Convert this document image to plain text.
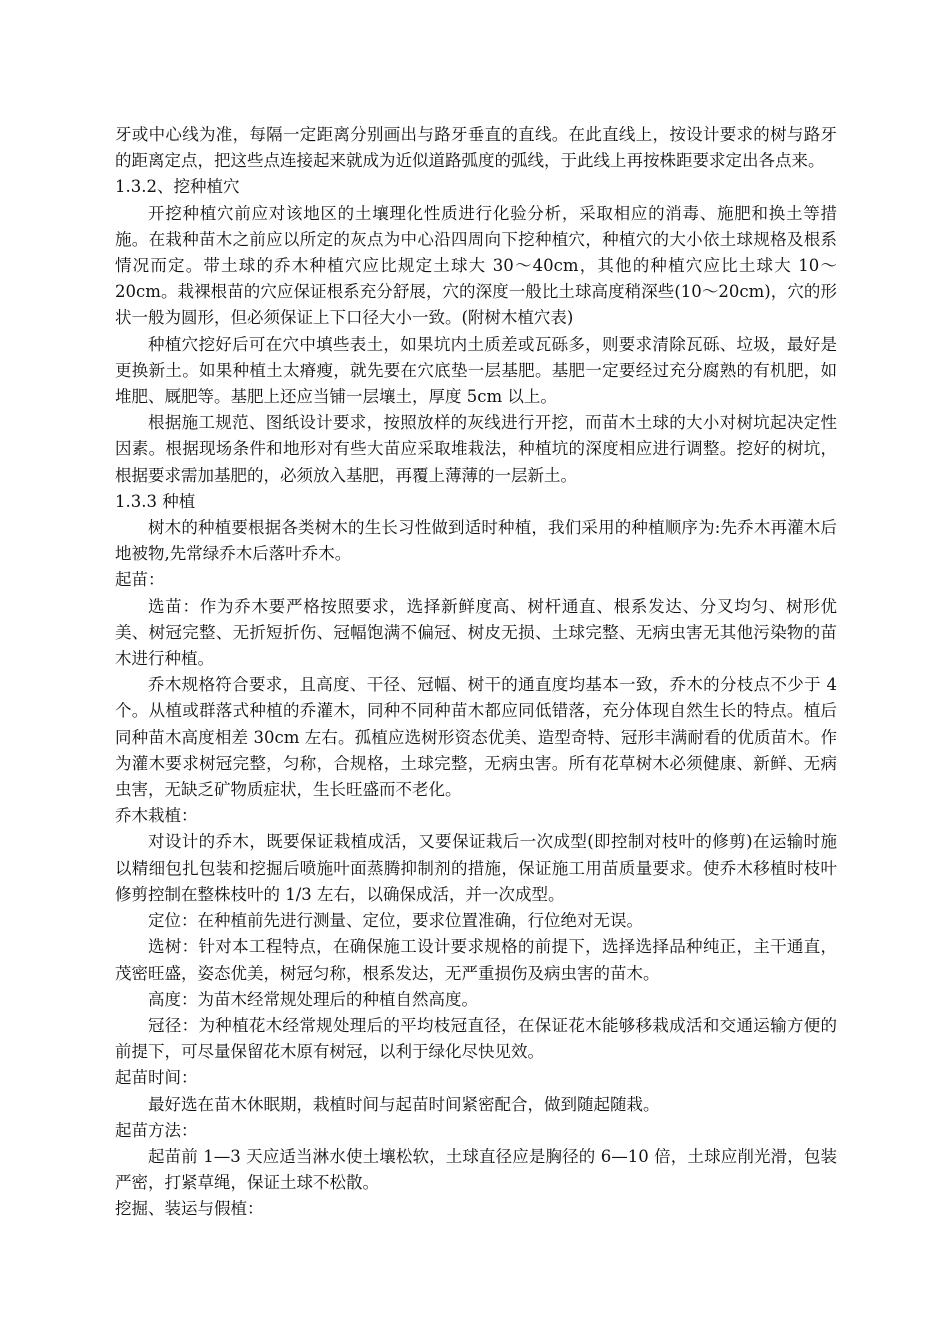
牙或中心线为准，每隔一定距离分别画出与路牙垂直的直线。在此直线上，按设计要求的树与路牙的距离定点，把这些点连接起来就成为近似道路弧度的弧线，于此线上再按株距要求定出各点来。

1.3.2、挖种植穴

开挖种植穴前应对该地区的土壤理化性质进行化验分析，采取相应的消毒、施肥和换土等措施。在栽种苗木之前应以所定的灰点为中心沿四周向下挖种植穴，种植穴的大小依土球规格及根系情况而定。带土球的乔木种植穴应比规定土球大 30～40cm，其他的种植穴应比土球大 10～20cm。栽裸根苗的穴应保证根系充分舒展，穴的深度一般比土球高度稍深些(10～20cm)，穴的形状一般为圆形，但必须保证上下口径大小一致。(附树木植穴表)

种植穴挖好后可在穴中填些表土，如果坑内土质差或瓦砾多，则要求清除瓦砾、垃圾，最好是更换新土。如果种植土太瘠瘦，就先要在穴底垫一层基肥。基肥一定要经过充分腐熟的有机肥，如堆肥、厩肥等。基肥上还应当铺一层壤土，厚度 5cm 以上。

根据施工规范、图纸设计要求，按照放样的灰线进行开挖，而苗木土球的大小对树坑起决定性因素。根据现场条件和地形对有些大苗应采取堆栽法，种植坑的深度相应进行调整。挖好的树坑，根据要求需加基肥的，必须放入基肥，再覆上薄薄的一层新土。

1.3.3 种植

树木的种植要根据各类树木的生长习性做到适时种植，我们采用的种植顺序为:先乔木再灌木后地被物,先常绿乔木后落叶乔木。

起苗：

选苗：作为乔木要严格按照要求，选择新鲜度高、树杆通直、根系发达、分叉均匀、树形优美、树冠完整、无折短折伤、冠幅饱满不偏冠、树皮无损、土球完整、无病虫害无其他污染物的苗木进行种植。

乔木规格符合要求，且高度、干径、冠幅、树干的通直度均基本一致，乔木的分枝点不少于 4 个。从植或群落式种植的乔灌木，同种不同种苗木都应同低错落，充分体现自然生长的特点。植后同种苗木高度相差 30cm 左右。孤植应选树形资态优美、造型奇特、冠形丰满耐看的优质苗木。作为灌木要求树冠完整，匀称，合规格，土球完整，无病虫害。所有花草树木必须健康、新鲜、无病虫害，无缺乏矿物质症状，生长旺盛而不老化。

乔木栽植：

对设计的乔木，既要保证栽植成活，又要保证栽后一次成型(即控制对枝叶的修剪)在运输时施以精细包扎包装和挖掘后喷施叶面蒸腾抑制剂的措施，保证施工用苗质量要求。使乔木移植时枝叶修剪控制在整株枝叶的 1/3 左右，以确保成活，并一次成型。

定位：在种植前先进行测量、定位，要求位置准确，行位绝对无误。

选树：针对本工程特点，在确保施工设计要求规格的前提下，选择选择品种纯正，主干通直，茂密旺盛，姿态优美，树冠匀称，根系发达，无严重损伤及病虫害的苗木。

高度：为苗木经常规处理后的种植自然高度。

冠径：为种植花木经常规处理后的平均枝冠直径，在保证花木能够移栽成活和交通运输方便的前提下，可尽量保留花木原有树冠，以利于绿化尽快见效。

起苗时间：

最好选在苗木休眠期，栽植时间与起苗时间紧密配合，做到随起随栽。

起苗方法：

起苗前 1—3 天应适当淋水使土壤松软，土球直径应是胸径的 6—10 倍，土球应削光滑，包装严密，打紧草绳，保证土球不松散。

挖掘、装运与假植：
